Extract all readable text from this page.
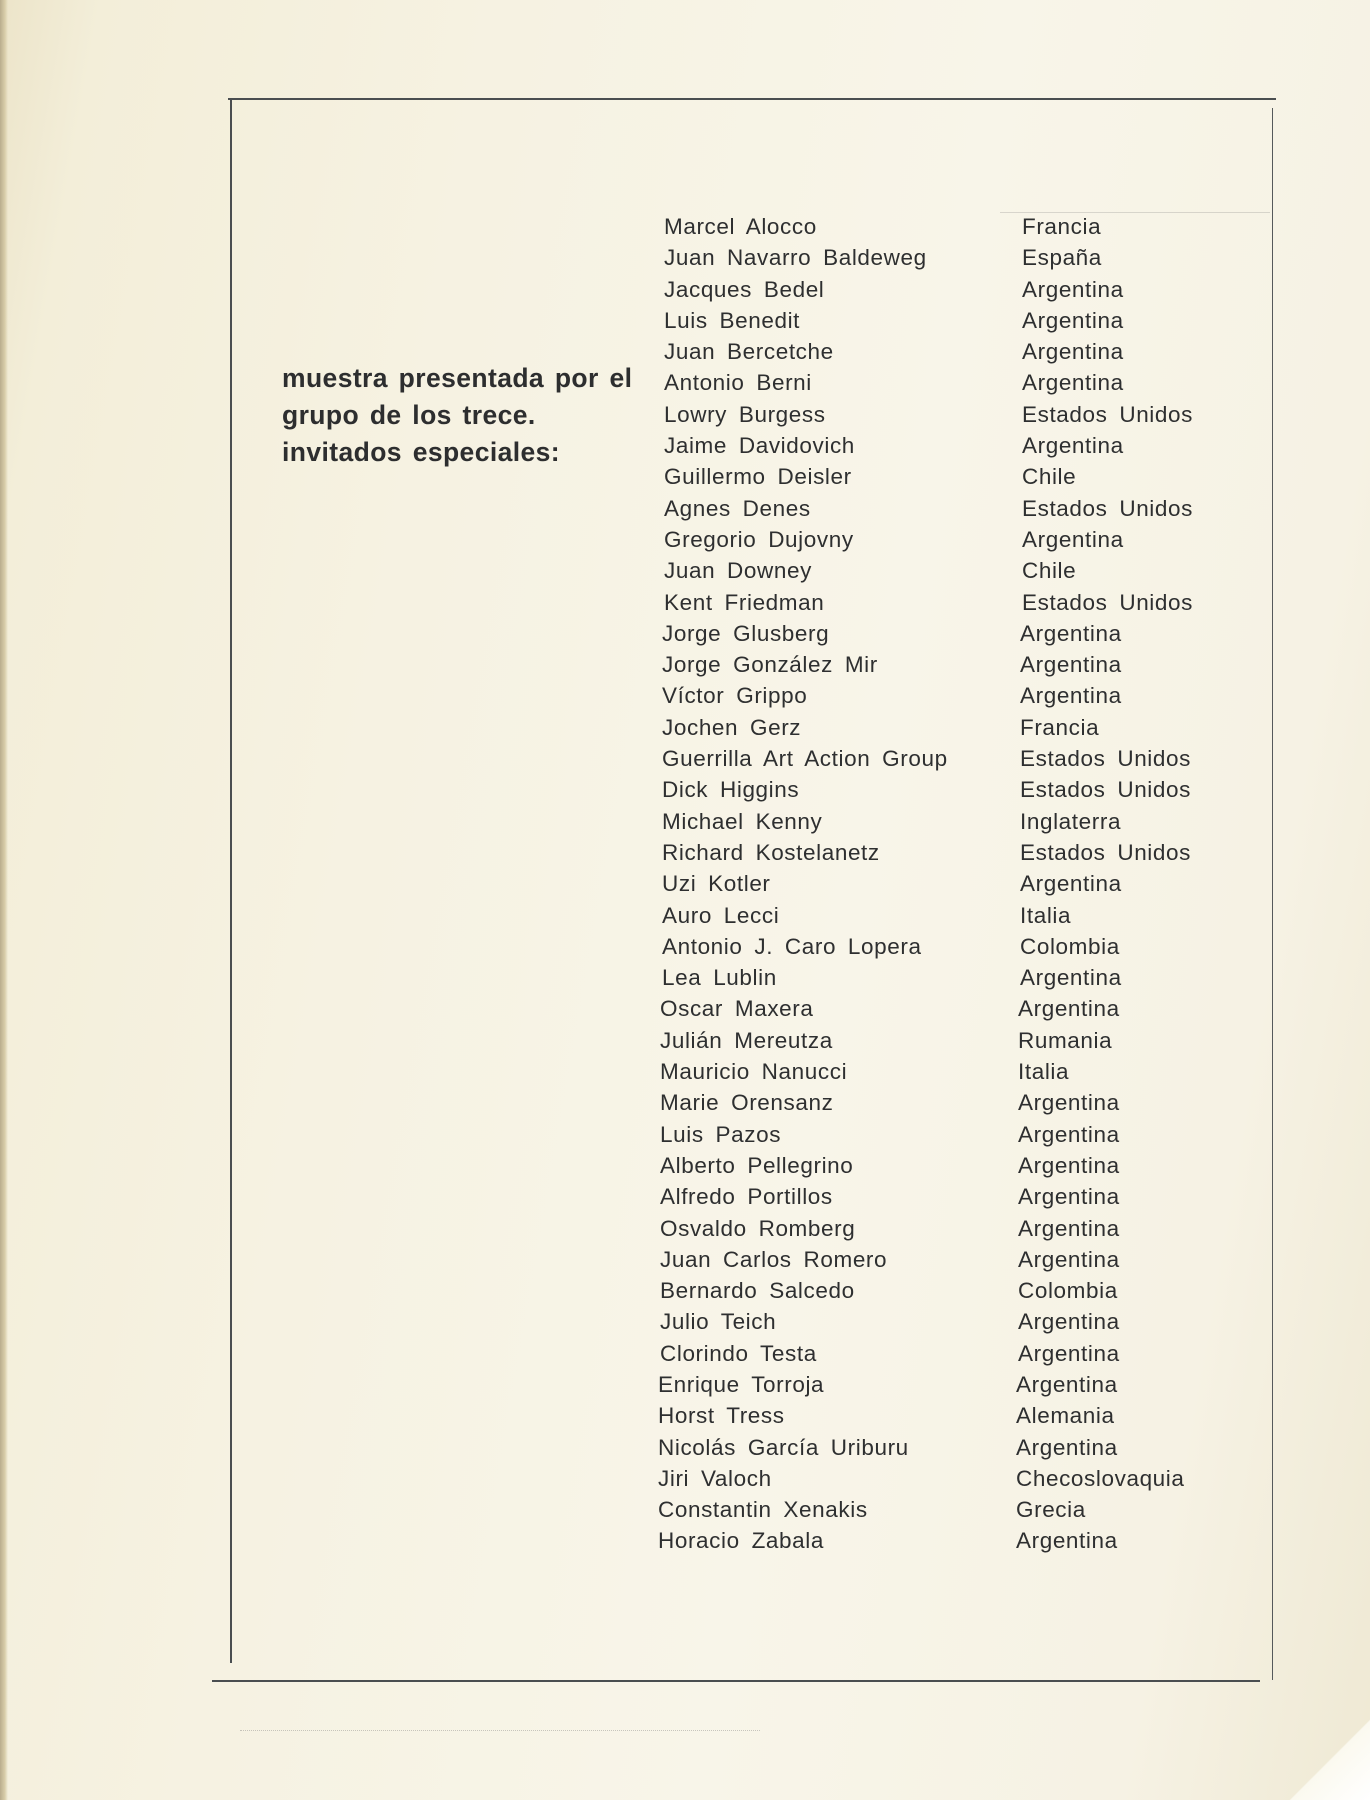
muestra presentada por el
grupo de los trece.
invitados especiales:
Marcel Alocco
Juan Navarro Baldeweg
Jacques Bedel
Luis Benedit
Juan Bercetche
Antonio Berni
Lowry Burgess
Jaime Davidovich
Guillermo Deisler
Agnes Denes
Gregorio Dujovny
Juan Downey
Kent Friedman
Jorge Glusberg
Jorge González Mir
Víctor Grippo
Jochen Gerz
Guerrilla Art Action Group
Dick Higgins
Michael Kenny
Richard Kostelanetz
Uzi Kotler
Auro Lecci
Antonio J. Caro Lopera
Lea Lublin
Oscar Maxera
Julián Mereutza
Mauricio Nanucci
Marie Orensanz
Luis Pazos
Alberto Pellegrino
Alfredo Portillos
Osvaldo Romberg
Juan Carlos Romero
Bernardo Salcedo
Julio Teich
Clorindo Testa
Enrique Torroja
Horst Tress
Nicolás García Uriburu
Jiri Valoch
Constantin Xenakis
Horacio Zabala
Francia
España
Argentina
Argentina
Argentina
Argentina
Estados Unidos
Argentina
Chile
Estados Unidos
Argentina
Chile
Estados Unidos
Argentina
Argentina
Argentina
Francia
Estados Unidos
Estados Unidos
Inglaterra
Estados Unidos
Argentina
Italia
Colombia
Argentina
Argentina
Rumania
Italia
Argentina
Argentina
Argentina
Argentina
Argentina
Argentina
Colombia
Argentina
Argentina
Argentina
Alemania
Argentina
Checoslovaquia
Grecia
Argentina
